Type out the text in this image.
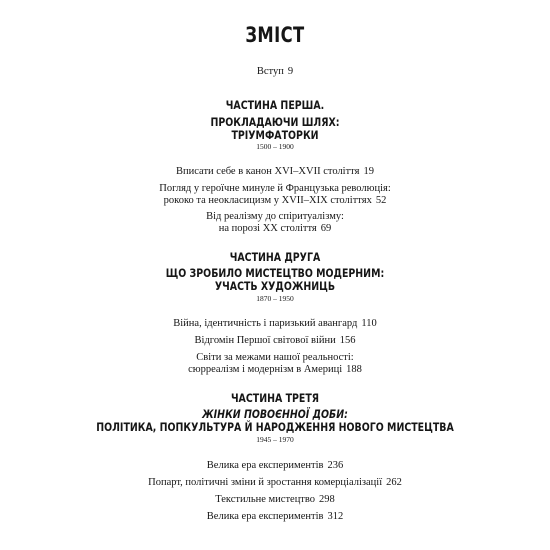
ЗМІСТ
Вступ 9
ЧАСТИНА ПЕРША.
ПРОКЛАДАЮЧИ ШЛЯХ:
ТРІУМФАТОРКИ
1500 – 1900
Вписати себе в канон XVI–XVII століття 19
Погляд у героїчне минуле й Французька революція:
рококо та неокласицизм у XVII–XIX століттях 52
Від реалізму до спіритуалізму:
на порозі XX століття 69
ЧАСТИНА ДРУГА
ЩО ЗРОБИЛО МИСТЕЦТВО МОДЕРНИМ:
УЧАСТЬ ХУДОЖНИЦЬ
1870 – 1950
Війна, ідентичність і паризький авангард 110
Відгомін Першої світової війни 156
Світи за межами нашої реальності:
сюрреалізм і модернізм в Америці 188
ЧАСТИНА ТРЕТЯ
ЖІНКИ ПОВОЄННОЇ ДОБИ:
ПОЛІТИКА, ПОПКУЛЬТУРА Й НАРОДЖЕННЯ НОВОГО МИСТЕЦТВА
1945 – 1970
Велика ера експериментів 236
Попарт, політичні зміни й зростання комерціалізації 262
Текстильне мистецтво 298
Велика ера експериментів 312
